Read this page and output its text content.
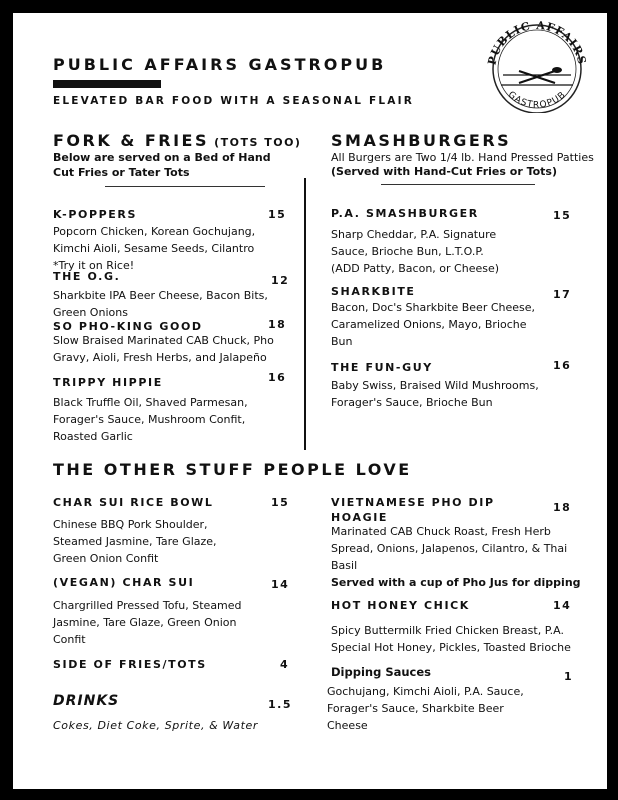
PUBLIC AFFAIRS GASTROPUB
ELEVATED BAR FOOD WITH A SEASONAL FLAIR
PUBLIC AFFAIRS
GASTROPUB
FORK & FRIES (TOTS TOO)
Below are served on a Bed of Hand
Cut Fries or Tater Tots
K-POPPERS	15
Popcorn Chicken, Korean Gochujang,
Kimchi Aioli, Sesame Seeds, Cilantro
*Try it on Rice!
THE O.G.	12
Sharkbite IPA Beer Cheese, Bacon Bits,
Green Onions
SO PHO-KING GOOD	18
Slow Braised Marinated CAB Chuck, Pho
Gravy, Aioli, Fresh Herbs, and Jalapeño
TRIPPY HIPPIE	16
Black Truffle Oil, Shaved Parmesan,
Forager's Sauce, Mushroom Confit,
Roasted Garlic
SMASHBURGERS
All Burgers are Two 1/4 lb. Hand Pressed Patties
(Served with Hand-Cut Fries or Tots)
P.A. SMASHBURGER	15
Sharp Cheddar, P.A. Signature
Sauce, Brioche Bun, L.T.O.P.
(ADD Patty, Bacon, or Cheese)
SHARKBITE	17
Bacon, Doc's Sharkbite Beer Cheese,
Caramelized Onions, Mayo, Brioche
Bun
THE FUN-GUY	16
Baby Swiss, Braised Wild Mushrooms,
Forager's Sauce, Brioche Bun
THE OTHER STUFF PEOPLE LOVE
CHAR SUI RICE BOWL	15
Chinese BBQ Pork Shoulder,
Steamed Jasmine, Tare Glaze,
Green Onion Confit
(VEGAN) CHAR SUI	14
Chargrilled Pressed Tofu, Steamed
Jasmine, Tare Glaze, Green Onion
Confit
SIDE OF FRIES/TOTS	4
DRINKS	1.5
Cokes, Diet Coke, Sprite, & Water
VIETNAMESE PHO DIP
HOAGIE
18
Marinated CAB Chuck Roast, Fresh Herb
Spread, Onions, Jalapenos, Cilantro, & Thai
Basil
Served with a cup of Pho Jus for dipping
HOT HONEY CHICK	14
Spicy Buttermilk Fried Chicken Breast, P.A.
Special Hot Honey, Pickles, Toasted Brioche
Dipping Sauces	1
Gochujang, Kimchi Aioli, P.A. Sauce,
Forager's Sauce, Sharkbite Beer
Cheese
